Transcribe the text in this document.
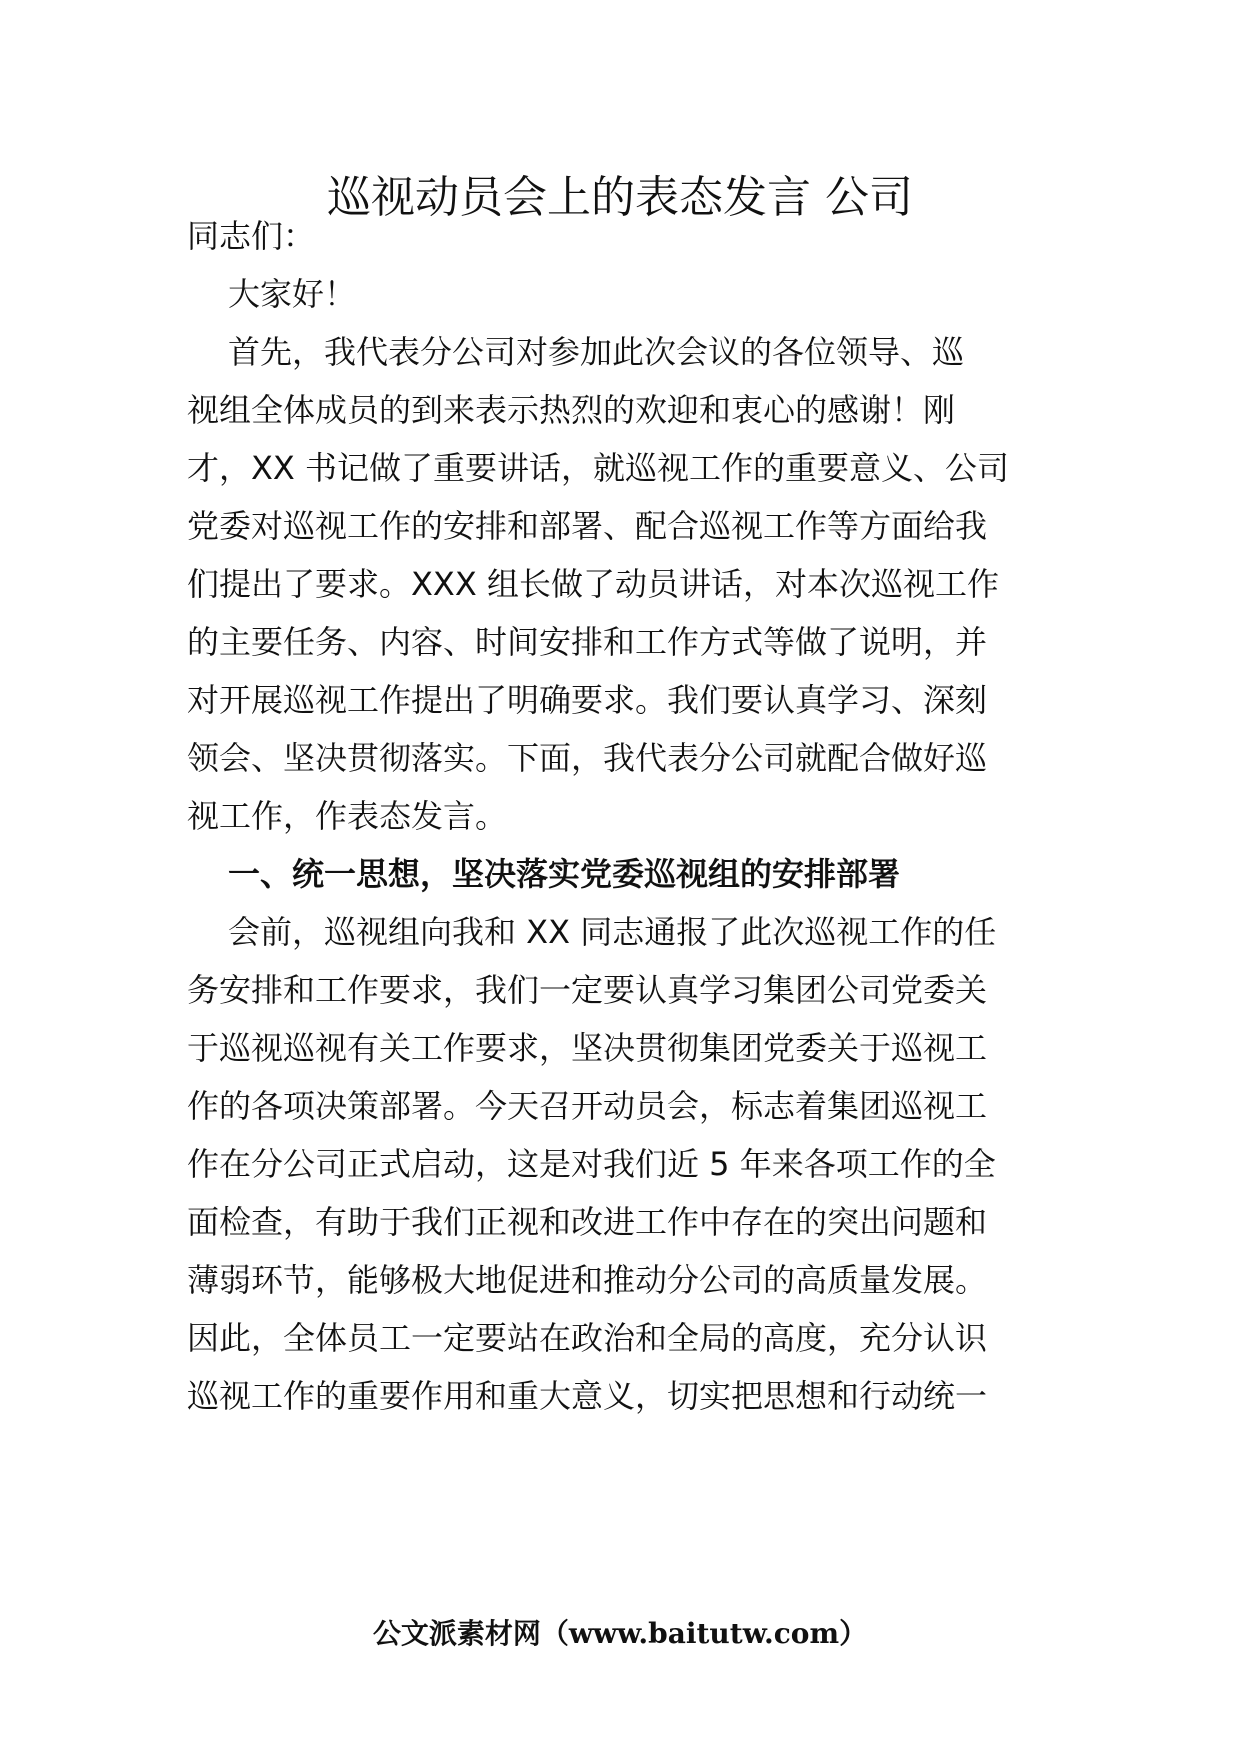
巡视动员会上的表态发言 公司
同志们：
大家好！
首先，我代表分公司对参加此次会议的各位领导、巡
视组全体成员的到来表示热烈的欢迎和衷心的感谢！刚
才，XX 书记做了重要讲话，就巡视工作的重要意义、公司
党委对巡视工作的安排和部署、配合巡视工作等方面给我
们提出了要求。XXX 组长做了动员讲话，对本次巡视工作
的主要任务、内容、时间安排和工作方式等做了说明，并
对开展巡视工作提出了明确要求。我们要认真学习、深刻
领会、坚决贯彻落实。下面，我代表分公司就配合做好巡
视工作，作表态发言。
一、统一思想，坚决落实党委巡视组的安排部署
会前，巡视组向我和 XX 同志通报了此次巡视工作的任
务安排和工作要求，我们一定要认真学习集团公司党委关
于巡视巡视有关工作要求，坚决贯彻集团党委关于巡视工
作的各项决策部署。今天召开动员会，标志着集团巡视工
作在分公司正式启动，这是对我们近 5 年来各项工作的全
面检查，有助于我们正视和改进工作中存在的突出问题和
薄弱环节，能够极大地促进和推动分公司的高质量发展。
因此，全体员工一定要站在政治和全局的高度，充分认识
巡视工作的重要作用和重大意义，切实把思想和行动统一
公文派素材网（www.baitutw.com）
